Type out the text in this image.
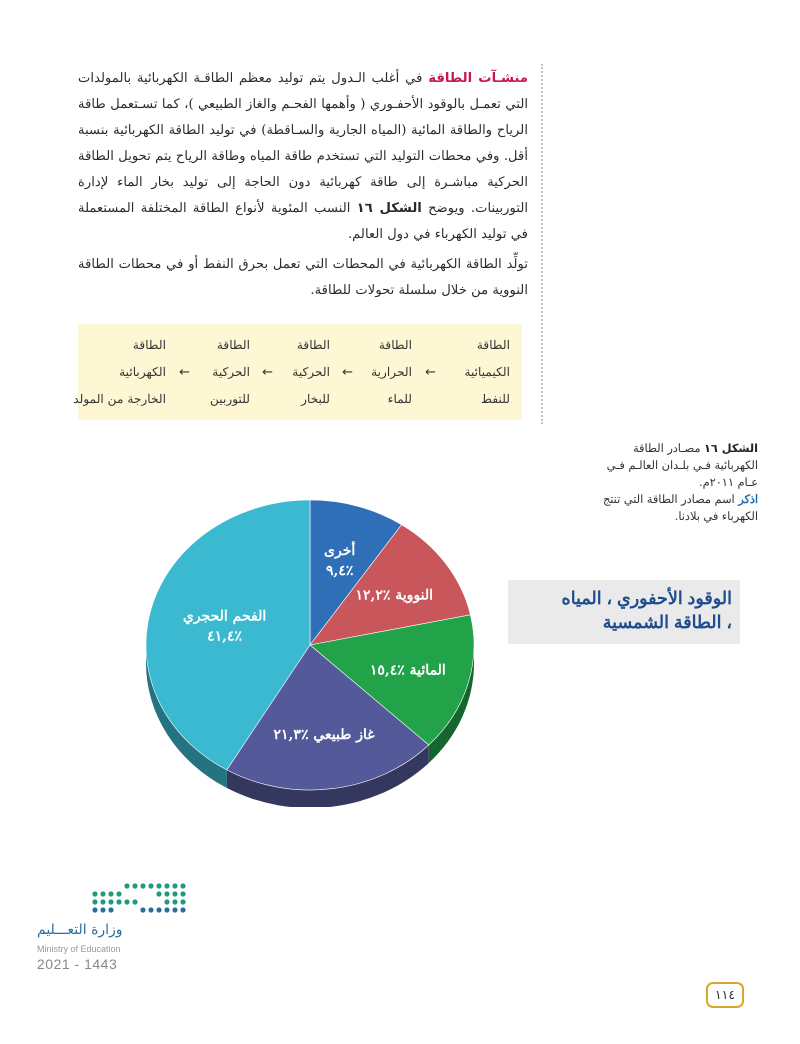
منشـآت الطاقة في أغلب الـدول يتم توليد معظم الطاقـة الكهربائية بالمولدات التي تعمـل بالوقود الأحفـوري ( وأهمها الفحـم والغاز الطبيعي )، كما تسـتعمل طاقة الرياح والطاقة المائية (المياه الجارية والسـاقطة) في توليد الطاقة الكهربائية بنسبة أقل. وفي محطات التوليد التي تستخدم طاقة المياه وطاقة الرياح يتم تحويل الطاقة الحركية مباشـرة إلى طاقة كهربائية دون الحاجة إلى توليد بخار الماء لإدارة التوربينات. ويوضح الشكل ١٦ النسب المئوية لأنواع الطاقة المختلفة المستعملة في توليد الكهرباء في دول العالم.

تولِّد الطاقة الكهربائية في المحطات التي تعمل بحرق النفط أو في محطات الطاقة النووية من خلال سلسلة تحولات للطاقة.

الطاقة
الكيميائية
للنفط
←
الطاقة
الحرارية
للماء
←
الطاقة
الحركية
للبخار
←
الطاقة
الحركية
للتوربين
←
الطاقة
الكهربائية
الخارجة من المولد
الشكل ١٦ مصـادر الطاقة الكهربائية فـي بلـدان العالـم فـي عـام ٢٠١١م.
اذكر اسم مصادر الطاقة التي تنتج الكهرباء في بلادنا.
الوقود الأحفوري ، المياه
، الطاقة الشمسية
أخرى
٪٩,٤
النووية ٪١٢,٢
المائية ٪١٥,٤
غاز طبيعي ٪٢١,٣
الفحم الحجري
٪٤١,٤
وزارة التعـــليم
Ministry of Education
2021 - 1443
١١٤
